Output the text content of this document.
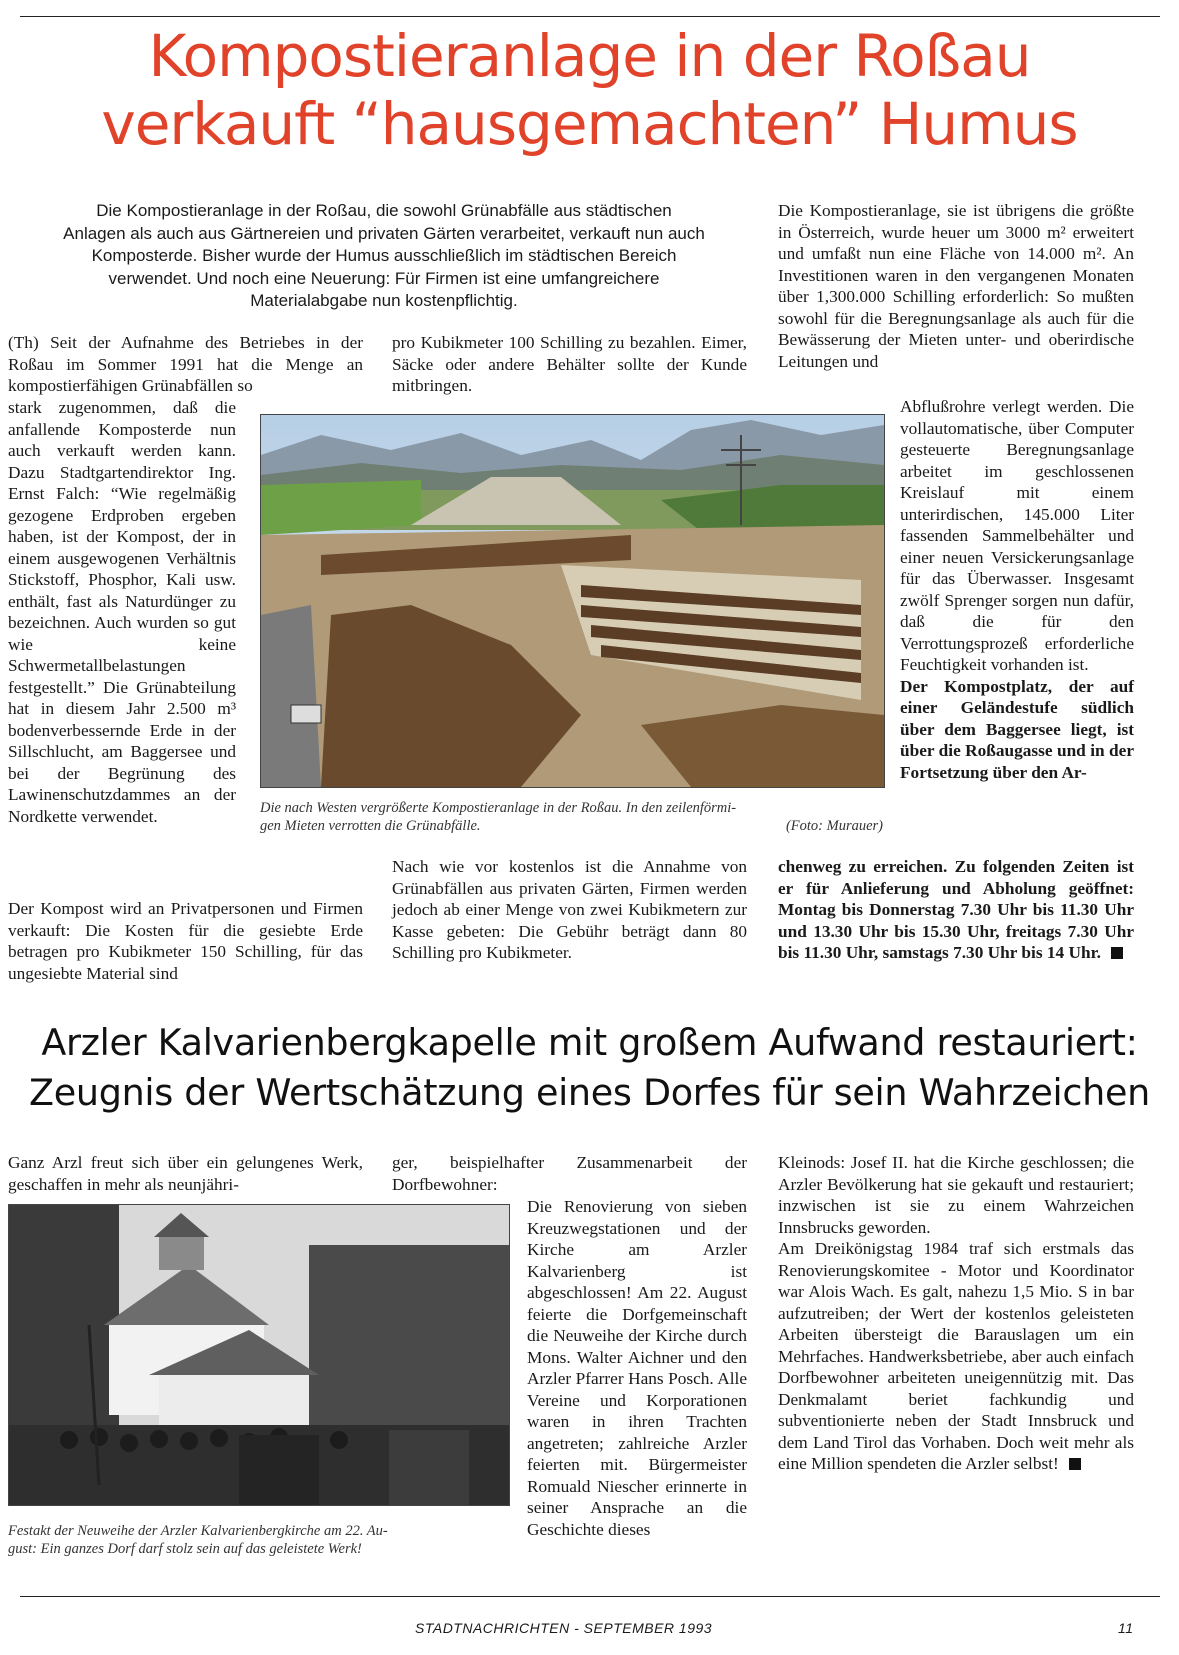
Kompostieranlage in der Roßau
verkauft “hausgemachten” Humus
Die Kompostieranlage in der Roßau, die sowohl Grünabfälle aus städtischen
Anlagen als auch aus Gärtnereien und privaten Gärten verarbeitet, verkauft nun auch
Komposterde. Bisher wurde der Humus ausschließlich im städtischen Bereich
verwendet. Und noch eine Neuerung: Für Firmen ist eine umfangreichere
Materialabgabe nun kostenpflichtig.

(Th) Seit der Aufnahme des Betriebes in der Roßau im Sommer 1991 hat die Menge an kompostierfähigen Grünabfällen so

stark zugenommen, daß die anfallende Komposterde nun auch verkauft werden kann. Dazu Stadtgartendirektor Ing. Ernst Falch: “Wie regelmäßig gezogene Erdproben ergeben haben, ist der Kompost, der in einem ausgewogenen Verhältnis Stickstoff, Phosphor, Kali usw. enthält, fast als Naturdünger zu bezeichnen. Auch wurden so gut wie keine Schwermetallbelastungen festgestellt.” Die Grünabteilung hat in diesem Jahr 2.500 m³ bodenverbessernde Erde in der Sillschlucht, am Baggersee und bei der Begrünung des Lawinenschutzdammes an der Nordkette verwendet.

Der Kompost wird an Privatpersonen und Firmen verkauft: Die Kosten für die gesiebte Erde betragen pro Kubikmeter 150 Schilling, für das ungesiebte Material sind

pro Kubikmeter 100 Schilling zu bezahlen. Eimer, Säcke oder andere Behälter sollte der Kunde mitbringen.

Nach wie vor kostenlos ist die Annahme von Grünabfällen aus privaten Gärten, Firmen werden jedoch ab einer Menge von zwei Kubikmetern zur Kasse gebeten: Die Gebühr beträgt dann 80 Schilling pro Kubikmeter.

Die Kompostieranlage, sie ist übrigens die größte in Österreich, wurde heuer um 3000 m² erweitert und umfaßt nun eine Fläche von 14.000 m². An Investitionen waren in den vergangenen Monaten über 1,300.000 Schilling erforderlich: So mußten sowohl für die Beregnungsanlage als auch für die Bewässerung der Mieten unter- und oberirdische Leitungen und

Abflußrohre verlegt werden. Die vollautomatische, über Computer gesteuerte Beregnungsanlage arbeitet im geschlossenen Kreislauf mit einem unterirdischen, 145.000 Liter fassenden Sammelbehälter und einer neuen Versickerungsanlage für das Überwasser. Insgesamt zwölf Sprenger sorgen nun dafür, daß die für den Verrottungsprozeß erforderliche Feuchtigkeit vorhanden ist.

Der Kompostplatz, der auf einer Geländestufe südlich über dem Baggersee liegt, ist über die Roßaugasse und in der Fortsetzung über den Ar-

chenweg zu erreichen. Zu folgenden Zeiten ist er für Anlieferung und Abholung geöffnet: Montag bis Donnerstag 7.30 Uhr bis 11.30 Uhr und 13.30 Uhr bis 15.30 Uhr, freitags 7.30 Uhr bis 11.30 Uhr, samstags 7.30 Uhr bis 14 Uhr.
Die nach Westen vergrößerte Kompostieranlage in der Roßau. In den zeilenförmi-
gen Mieten verrotten die Grünabfälle.	(Foto: Murauer)
Arzler Kalvarienbergkapelle mit großem Aufwand restauriert:
Zeugnis der Wertschätzung eines Dorfes für sein Wahrzeichen

Ganz Arzl freut sich über ein gelungenes Werk, geschaffen in mehr als neunjähri-

Festakt der Neuweihe der Arzler Kalvarienbergkirche am 22. Au-
gust: Ein ganzes Dorf darf stolz sein auf das geleistete Werk!

ger, beispielhafter Zusammenarbeit der Dorfbewohner:

Die Renovierung von sieben Kreuzwegstationen und der Kirche am Arzler Kalvarienberg ist abgeschlossen! Am 22. August feierte die Dorfgemeinschaft die Neuweihe der Kirche durch Mons. Walter Aichner und den Arzler Pfarrer Hans Posch. Alle Vereine und Korporationen waren in ihren Trachten angetreten; zahlreiche Arzler feierten mit. Bürgermeister Romuald Niescher erinnerte in seiner Ansprache an die Geschichte dieses

Kleinods: Josef II. hat die Kirche geschlossen; die Arzler Bevölkerung hat sie gekauft und restauriert; inzwischen ist sie zu einem Wahrzeichen Innsbrucks geworden.

Am Dreikönigstag 1984 traf sich erstmals das Renovierungskomitee - Motor und Koordinator war Alois Wach. Es galt, nahezu 1,5 Mio. S in bar aufzutreiben; der Wert der kostenlos geleisteten Arbeiten übersteigt die Barauslagen um ein Mehrfaches. Handwerksbetriebe, aber auch einfach Dorfbewohner arbeiteten uneigennützig mit. Das Denkmalamt beriet fachkundig und subventionierte neben der Stadt Innsbruck und dem Land Tirol das Vorhaben. Doch weit mehr als eine Million spendeten die Arzler selbst!

STADTNACHRICHTEN - SEPTEMBER 1993	11
